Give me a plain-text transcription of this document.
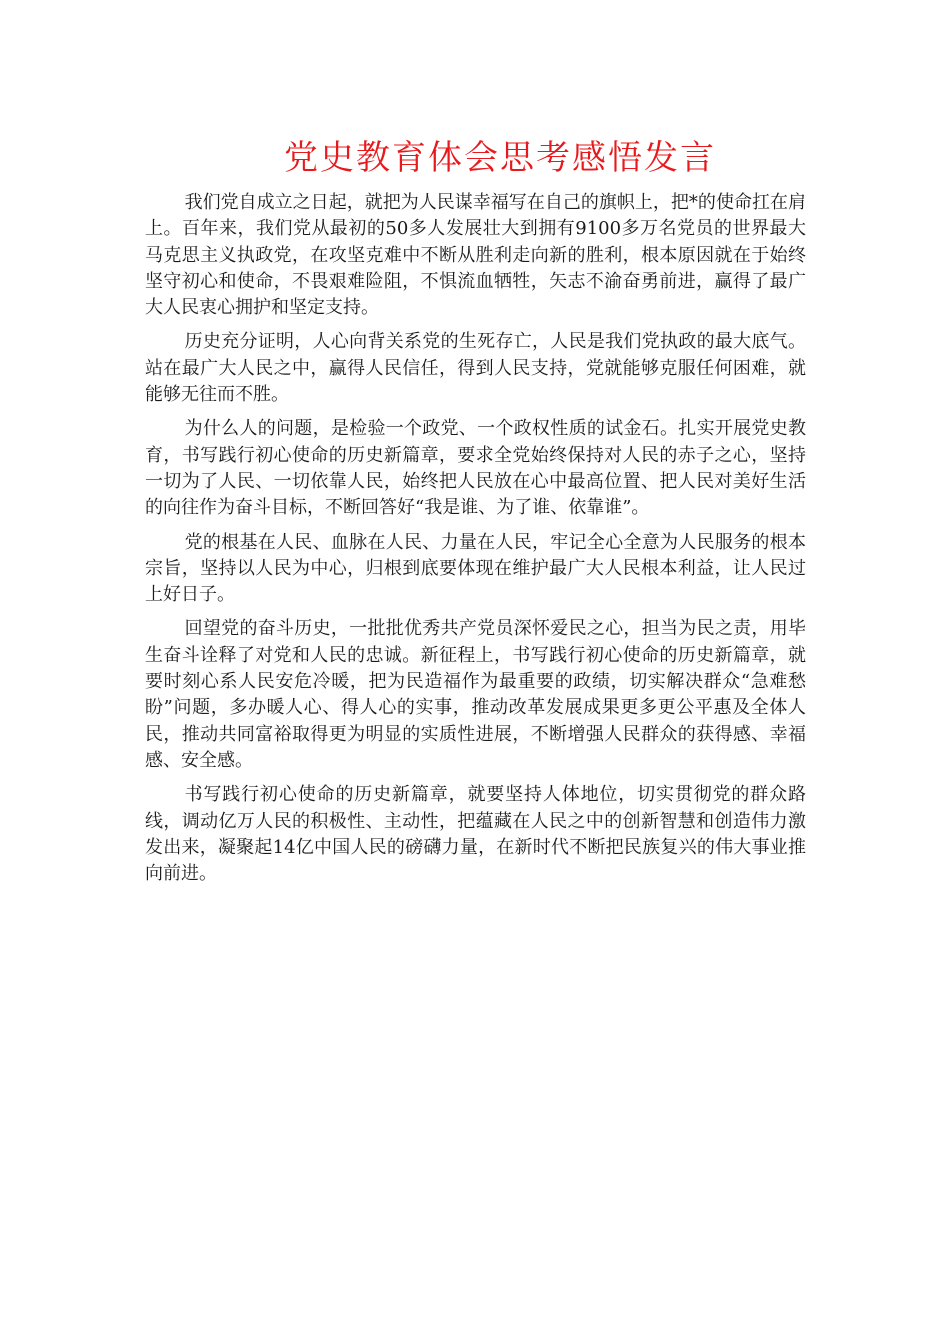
党史教育体会思考感悟发言

我们党自成立之日起，就把为人民谋幸福写在自己的旗帜上，把*的使命扛在肩上。百年来，我们党从最初的50多人发展壮大到拥有9100多万名党员的世界最大马克思主义执政党，在攻坚克难中不断从胜利走向新的胜利，根本原因就在于始终坚守初心和使命，不畏艰难险阻，不惧流血牺牲，矢志不渝奋勇前进，赢得了最广大人民衷心拥护和坚定支持。

历史充分证明，人心向背关系党的生死存亡，人民是我们党执政的最大底气。站在最广大人民之中，赢得人民信任，得到人民支持，党就能够克服任何困难，就能够无往而不胜。

为什么人的问题，是检验一个政党、一个政权性质的试金石。扎实开展党史教育，书写践行初心使命的历史新篇章，要求全党始终保持对人民的赤子之心，坚持一切为了人民、一切依靠人民，始终把人民放在心中最高位置、把人民对美好生活的向往作为奋斗目标，不断回答好“我是谁、为了谁、依靠谁”。

党的根基在人民、血脉在人民、力量在人民，牢记全心全意为人民服务的根本宗旨，坚持以人民为中心，归根到底要体现在维护最广大人民根本利益，让人民过上好日子。

回望党的奋斗历史，一批批优秀共产党员深怀爱民之心，担当为民之责，用毕生奋斗诠释了对党和人民的忠诚。新征程上，书写践行初心使命的历史新篇章，就要时刻心系人民安危冷暖，把为民造福作为最重要的政绩，切实解决群众“急难愁盼”问题，多办暖人心、得人心的实事，推动改革发展成果更多更公平惠及全体人民，推动共同富裕取得更为明显的实质性进展，不断增强人民群众的获得感、幸福感、安全感。

书写践行初心使命的历史新篇章，就要坚持人体地位，切实贯彻党的群众路线，调动亿万人民的积极性、主动性，把蕴藏在人民之中的创新智慧和创造伟力激发出来，凝聚起14亿中国人民的磅礴力量，在新时代不断把民族复兴的伟大事业推向前进。
